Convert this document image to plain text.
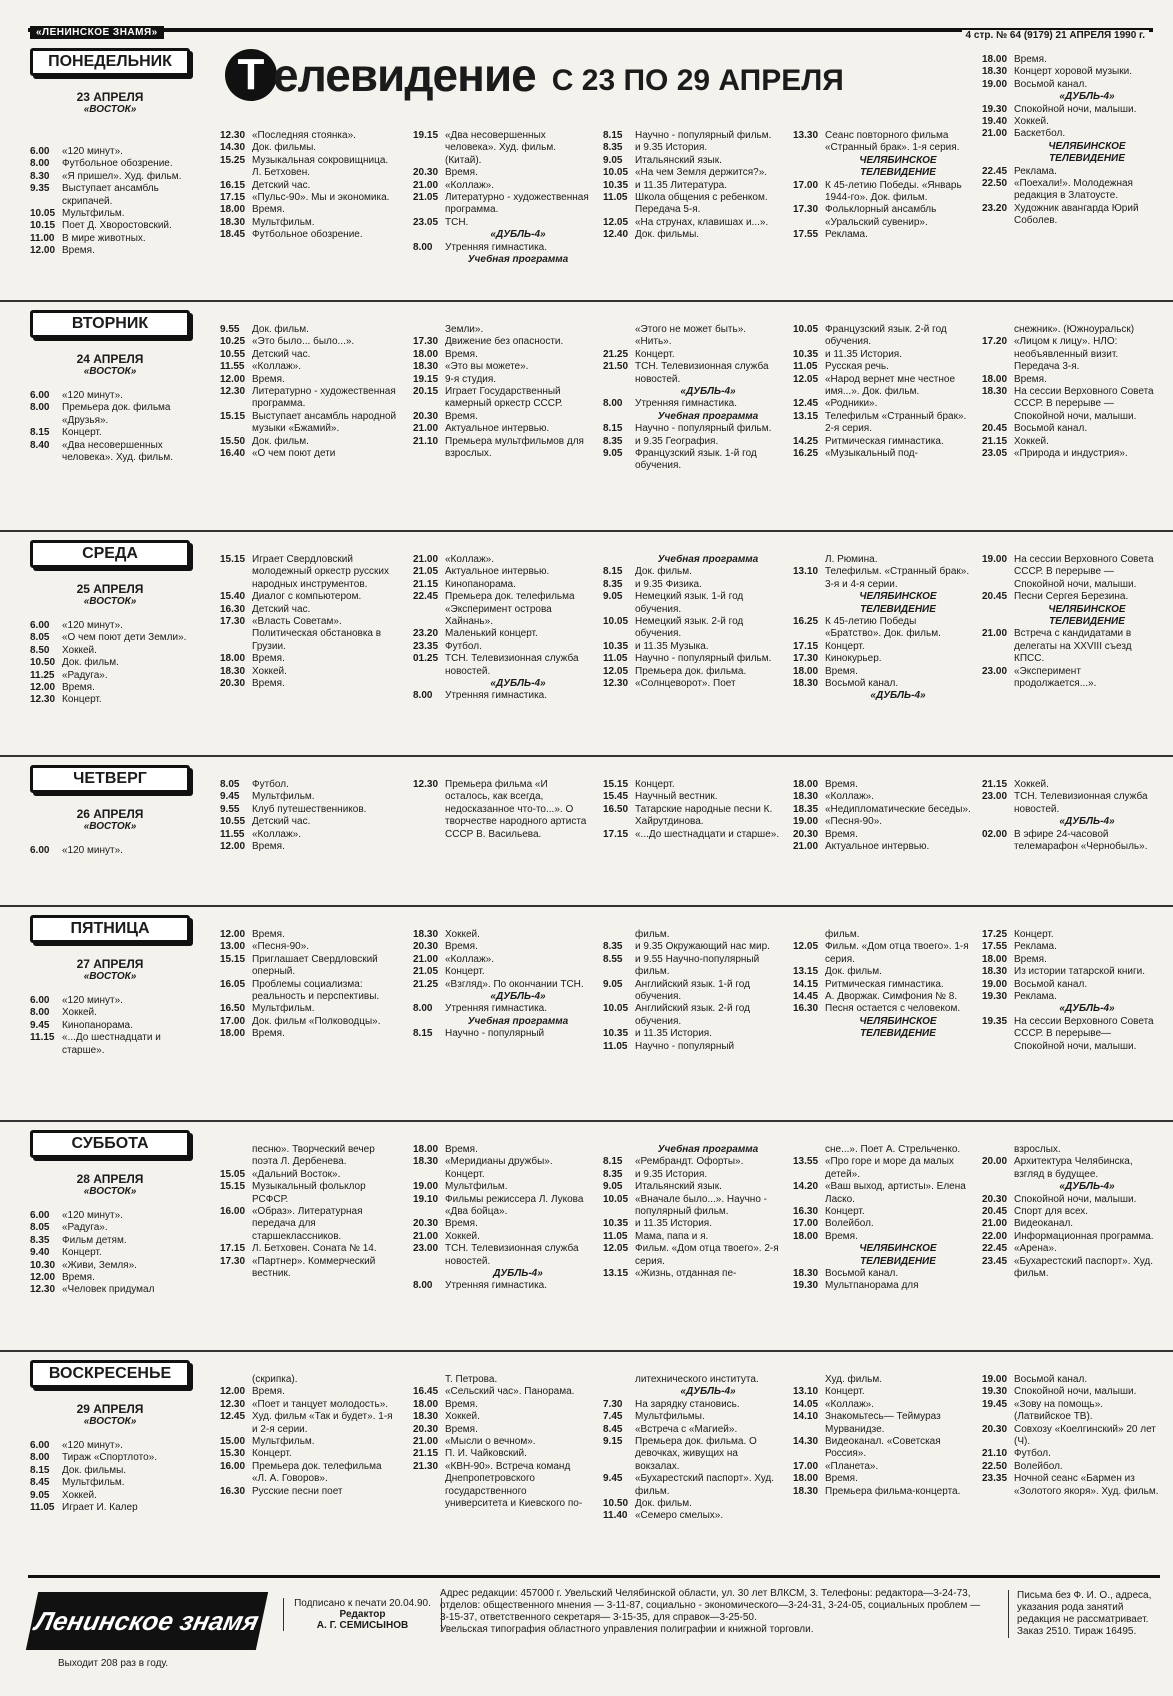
«ЛЕНИНСКОЕ ЗНАМЯ»	4 стр. № 64 (9179) 21 АПРЕЛЯ 1990 г.
Т елевидение С 23 ПО 29 АПРЕЛЯ
ПОНЕДЕЛЬНИК
23 АПРЕЛЯ
«ВОСТОК»
6.00	«120 минут».
8.00	Футбольное обозрение.
8.30	«Я пришел». Худ. фильм.
9.35	Выступает ансамбль скрипачей.
10.05 Мультфильм.
10.15 Поет Д. Хворостовский.
11.00 В мире животных.
12.00 Время.
12.30 «Последняя стоянка».
14.30 Док. фильмы.
15.25 Музыкальная сокровищница. Л. Бетховен.
16.15 Детский час.
17.15 «Пульс-90». Мы и экономика.
18.00 Время.
18.30 Мультфильм.
18.45 Футбольное обозрение.
19.15 «Два несовершенных человека». Худ. фильм. (Китай).
20.30 Время.
21.00 «Коллаж».
21.05 Литературно - художественная программа.
23.05 ТСН.
«ДУБЛЬ-4»
8.00	Утренняя гимнастика.
Учебная программа
8.15	Научно - популярный фильм.
8.35	и 9.35 История.
9.05	Итальянский язык.
10.05 «На чем Земля держится?».
10.35 и 11.35 Литература.
11.05 Школа общения с ребенком. Передача 5-я.
12.05 «На струнах, клавишах и...».
12.40 Док. фильмы.
13.30 Сеанс повторного фильма «Странный брак». 1-я серия.
ЧЕЛЯБИНСКОЕ ТЕЛЕВИДЕНИЕ
17.00 К 45-летию Победы. «Январь 1944-го». Док. фильм.
17.30 Фольклорный ансамбль «Уральский сувенир».
17.55 Реклама.
18.00 Время.
18.30 Концерт хоровой музыки.
19.00 Восьмой канал.
«ДУБЛЬ-4»
19.30 Спокойной ночи, малыши.
19.40 Хоккей.
21.00 Баскетбол.
ЧЕЛЯБИНСКОЕ ТЕЛЕВИДЕНИЕ
22.45 Реклама.
22.50 «Поехали!». Молодежная редакция в Златоусте.
23.20 Художник авангарда Юрий Соболев.
ВТОРНИК
24 АПРЕЛЯ
«ВОСТОК»
6.00	«120 минут».
8.00	Премьера док. фильма «Друзья».
8.15	Концерт.
8.40	«Два несовершенных человека». Худ. фильм.
9.55	Док. фильм.
10.25 «Это было... было...».
10.55 Детский час.
11.55 «Коллаж».
12.00 Время.
12.30 Литературно - художественная программа.
15.15 Выступает ансамбль народной музыки «Бжамий».
15.50 Док. фильм.
16.40 «О чем поют дети
Земли».
17.30 Движение без опасности.
18.00 Время.
18.30 «Это вы можете».
19.15 9-я студия.
20.15 Играет Государственный камерный оркестр СССР.
20.30 Время.
21.00 Актуальное интервью.
21.10 Премьера мультфильмов для взрослых.
«Этого не может быть». «Нить».
21.25 Концерт.
21.50 ТСН. Телевизионная служба новостей.
«ДУБЛЬ-4»
8.00	Утренняя гимнастика.
Учебная программа
8.15	Научно - популярный фильм.
8.35	и 9.35 География.
9.05	Французский язык. 1-й год обучения.
10.05 Французский язык. 2-й год обучения.
10.35 и 11.35 История.
11.05 Русская речь.
12.05 «Народ вернет мне честное имя...». Док. фильм.
12.45 «Родники».
13.15 Телефильм «Странный брак». 2-я серия.
14.25 Ритмическая гимнастика.
16.25 «Музыкальный под-
снежник». (Южноуральск)
17.20 «Лицом к лицу». НЛО: необъявленный визит. Передача 3-я.
18.00 Время.
18.30 На сессии Верховного Совета СССР. В перерыве — Спокойной ночи, малыши.
20.45 Восьмой канал.
21.15 Хоккей.
23.05 «Природа и индустрия».
СРЕДА
25 АПРЕЛЯ
«ВОСТОК»
6.00	«120 минут».
8.05	«О чем поют дети Земли».
8.50	Хоккей.
10.50 Док. фильм.
11.25 «Радуга».
12.00 Время.
12.30 Концерт.
15.15 Играет Свердловский молодежный оркестр русских народных инструментов.
15.40 Диалог с компьютером.
16.30 Детский час.
17.30 «Власть Советам». Политическая обстановка в Грузии.
18.00 Время.
18.30 Хоккей.
20.30 Время.
21.00 «Коллаж».
21.05 Актуальное интервью.
21.15 Кинопанорама.
22.45 Премьера док. телефильма «Эксперимент острова Хайнань».
23.20 Маленький концерт.
23.35 Футбол.
01.25 ТСН. Телевизионная служба новостей.
«ДУБЛЬ-4»
8.00	Утренняя гимнастика.
Учебная программа
8.15	Док. фильм.
8.35	и 9.35 Физика.
9.05	Немецкий язык. 1-й год обучения.
10.05 Немецкий язык. 2-й год обучения.
10.35 и 11.35 Музыка.
11.05 Научно - популярный фильм.
12.05 Премьера док. фильма.
12.30 «Солнцеворот». Поет
Л. Рюмина.
13.10 Телефильм. «Странный брак». 3-я и 4-я серии.
ЧЕЛЯБИНСКОЕ ТЕЛЕВИДЕНИЕ
16.25 К 45-летию Победы «Братство». Док. фильм.
17.15 Концерт.
17.30 Кинокурьер.
18.00 Время.
18.30 Восьмой канал.
«ДУБЛЬ-4»
19.00 На сессии Верховного Совета СССР. В перерыве — Спокойной ночи, малыши.
20.45 Песни Сергея Березина.
ЧЕЛЯБИНСКОЕ ТЕЛЕВИДЕНИЕ
21.00 Встреча с кандидатами в делегаты на XXVIII съезд КПСС.
23.00 «Эксперимент продолжается...».
ЧЕТВЕРГ
26 АПРЕЛЯ
«ВОСТОК»
6.00	«120 минут».
8.05	Футбол.
9.45	Мультфильм.
9.55	Клуб путешественников.
10.55 Детский час.
11.55 «Коллаж».
12.00 Время.
12.30 Премьера фильма «И осталось, как всегда, недосказанное что-то...». О творчестве народного артиста СССР В. Васильева.
15.15 Концерт.
15.45 Научный вестник.
16.50 Татарские народные песни К. Хайрутдинова.
17.15 «...До шестнадцати и старше».
18.00 Время.
18.30 «Коллаж».
18.35 «Недипломатические беседы».
19.00 «Песня-90».
20.30 Время.
21.00 Актуальное интервью.
21.15 Хоккей.
23.00 ТСН. Телевизионная служба новостей.
«ДУБЛЬ-4»
02.00 В эфире 24-часовой телемарафон «Чернобыль».
ПЯТНИЦА
27 АПРЕЛЯ
«ВОСТОК»
6.00	«120 минут».
8.00	Хоккей.
9.45	Кинопанорама.
11.15 «...До шестнадцати и старше».
12.00 Время.
13.00 «Песня-90».
15.15 Приглашает Свердловский оперный.
16.05 Проблемы социализма: реальность и перспективы.
16.50 Мультфильм.
17.00 Док. фильм «Полководцы».
18.00 Время.
18.30 Хоккей.
20.30 Время.
21.00 «Коллаж».
21.05 Концерт.
21.25 «Взгляд». По окончании ТСН.
«ДУБЛЬ-4»
8.00	Утренняя гимнастика.
Учебная программа
8.15	Научно - популярный
фильм.
8.35	и 9.35 Окружающий нас мир.
8.55	и 9.55 Научно-популярный фильм.
9.05	Английский язык. 1-й год обучения.
10.05 Английский язык. 2-й год обучения.
10.35 и 11.35 История.
11.05 Научно - популярный
фильм.
12.05 Фильм. «Дом отца твоего». 1-я серия.
13.15 Док. фильм.
14.15 Ритмическая гимнастика.
14.45 А. Дворжак. Симфония № 8.
16.30 Песня остается с человеком.
ЧЕЛЯБИНСКОЕ ТЕЛЕВИДЕНИЕ
17.25 Концерт.
17.55 Реклама.
18.00 Время.
18.30 Из истории татарской книги.
19.00 Восьмой канал.
19.30 Реклама.
«ДУБЛЬ-4»
19.35 На сессии Верховного Совета СССР. В перерыве—Спокойной ночи, малыши.
СУББОТА
28 АПРЕЛЯ
«ВОСТОК»
6.00	«120 минут».
8.05	«Радуга».
8.35	Фильм детям.
9.40	Концерт.
10.30 «Живи, Земля».
12.00 Время.
12.30 «Человек придумал
песню». Творческий вечер поэта Л. Дербенева.
15.05 «Дальний Восток».
15.15 Музыкальный фольклор РСФСР.
16.00 «Образ». Литературная передача для старшеклассников.
17.15 Л. Бетховен. Соната № 14.
17.30 «Партнер». Коммерческий вестник.
18.00 Время.
18.30 «Меридианы дружбы». Концерт.
19.00 Мультфильм.
19.10 Фильмы режиссера Л. Лукова «Два бойца».
20.30 Время.
21.00 Хоккей.
23.00 ТСН. Телевизионная служба новостей.
ДУБЛЬ-4»
8.00	Утренняя гимнастика.
Учебная программа
8.15	«Рембрандт. Офорты».
8.35	и 9.35 История.
9.05	Итальянский язык.
10.05 «Вначале было...». Научно - популярный фильм.
10.35 и 11.35 История.
11.05 Мама, папа и я.
12.05 Фильм. «Дом отца твоего». 2-я серия.
13.15 «Жизнь, отданная пе-
сне...». Поет А. Стрельченко.
13.55 «Про горе и море да малых детей».
14.20 «Ваш выход, артисты». Елена Ласко.
16.30 Концерт.
17.00 Волейбол.
18.00 Время.
ЧЕЛЯБИНСКОЕ ТЕЛЕВИДЕНИЕ
18.30 Восьмой канал.
19.30 Мультпанорама для
взрослых.
20.00 Архитектура Челябинска, взгляд в будущее.
«ДУБЛЬ-4»
20.30 Спокойной ночи, малыши.
20.45 Спорт для всех.
21.00 Видеоканал.
22.00 Информационная программа.
22.45 «Арена».
23.45 «Бухарестский паспорт». Худ. фильм.
ВОСКРЕСЕНЬЕ
29 АПРЕЛЯ
«ВОСТОК»
6.00	«120 минут».
8.00	Тираж «Спортлото».
8.15	Док. фильмы.
8.45	Мультфильм.
9.05	Хоккей.
11.05 Играет И. Калер
(скрипка).
12.00 Время.
12.30 «Поет и танцует молодость».
12.45 Худ. фильм «Так и будет». 1-я и 2-я серии.
15.00 Мультфильм.
15.30 Концерт.
16.00 Премьера док. телефильма «Л. А. Говоров».
16.30 Русские песни поет
Т. Петрова.
16.45 «Сельский час». Панорама.
18.00 Время.
18.30 Хоккей.
20.30 Время.
21.00 «Мысли о вечном».
21.15 П. И. Чайковский.
21.30 «КВН-90». Встреча команд Днепропетровского государственного университета и Киевского по-
литехнического института.
«ДУБЛЬ-4»
7.30	На зарядку становись.
7.45	Мультфильмы.
8.45	«Встреча с «Магией».
9.15	Премьера док. фильма. О девочках, живущих на вокзалах.
9.45	«Бухарестский паспорт». Худ. фильм.
10.50 Док. фильм.
11.40 «Семеро смелых».
Худ. фильм.
13.10 Концерт.
14.05 «Коллаж».
14.10 Знакомьтесь— Теймураз Мурванидзе.
14.30 Видеоканал. «Советская Россия».
17.00 «Планета».
18.00 Время.
18.30 Премьера фильма-концерта.
19.00 Восьмой канал.
19.30 Спокойной ночи, малыши.
19.45 «Зову на помощь». (Латвийское ТВ).
20.30 Совхозу «Коелгинский» 20 лет (Ч).
21.10 Футбол.
22.50 Волейбол.
23.35 Ночной сеанс «Бармен из «Золотого якоря». Худ. фильм.
Ленинское знамя
Выходит 208 раз в году.
Подписано к печати 20.04.90.
Редактор
А. Г. СЕМИСЫНОВ
Адрес редакции: 457000 г. Увельский Челябинской области, ул. 30 лет ВЛКСМ, 3. Телефоны: редактора—3-24-73, отделов: общественного мнения — 3-11-87, социально - экономического—3-24-31, 3-24-05, социальных проблем — 3-15-37, ответственного секретаря— 3-15-35, для справок—3-25-50.
Увельская типография областного управления полиграфии и книжной торговли.
Письма без Ф. И. О., адреса, указания рода занятий редакция не рассматривает.
Заказ 2510. Тираж 16495.
